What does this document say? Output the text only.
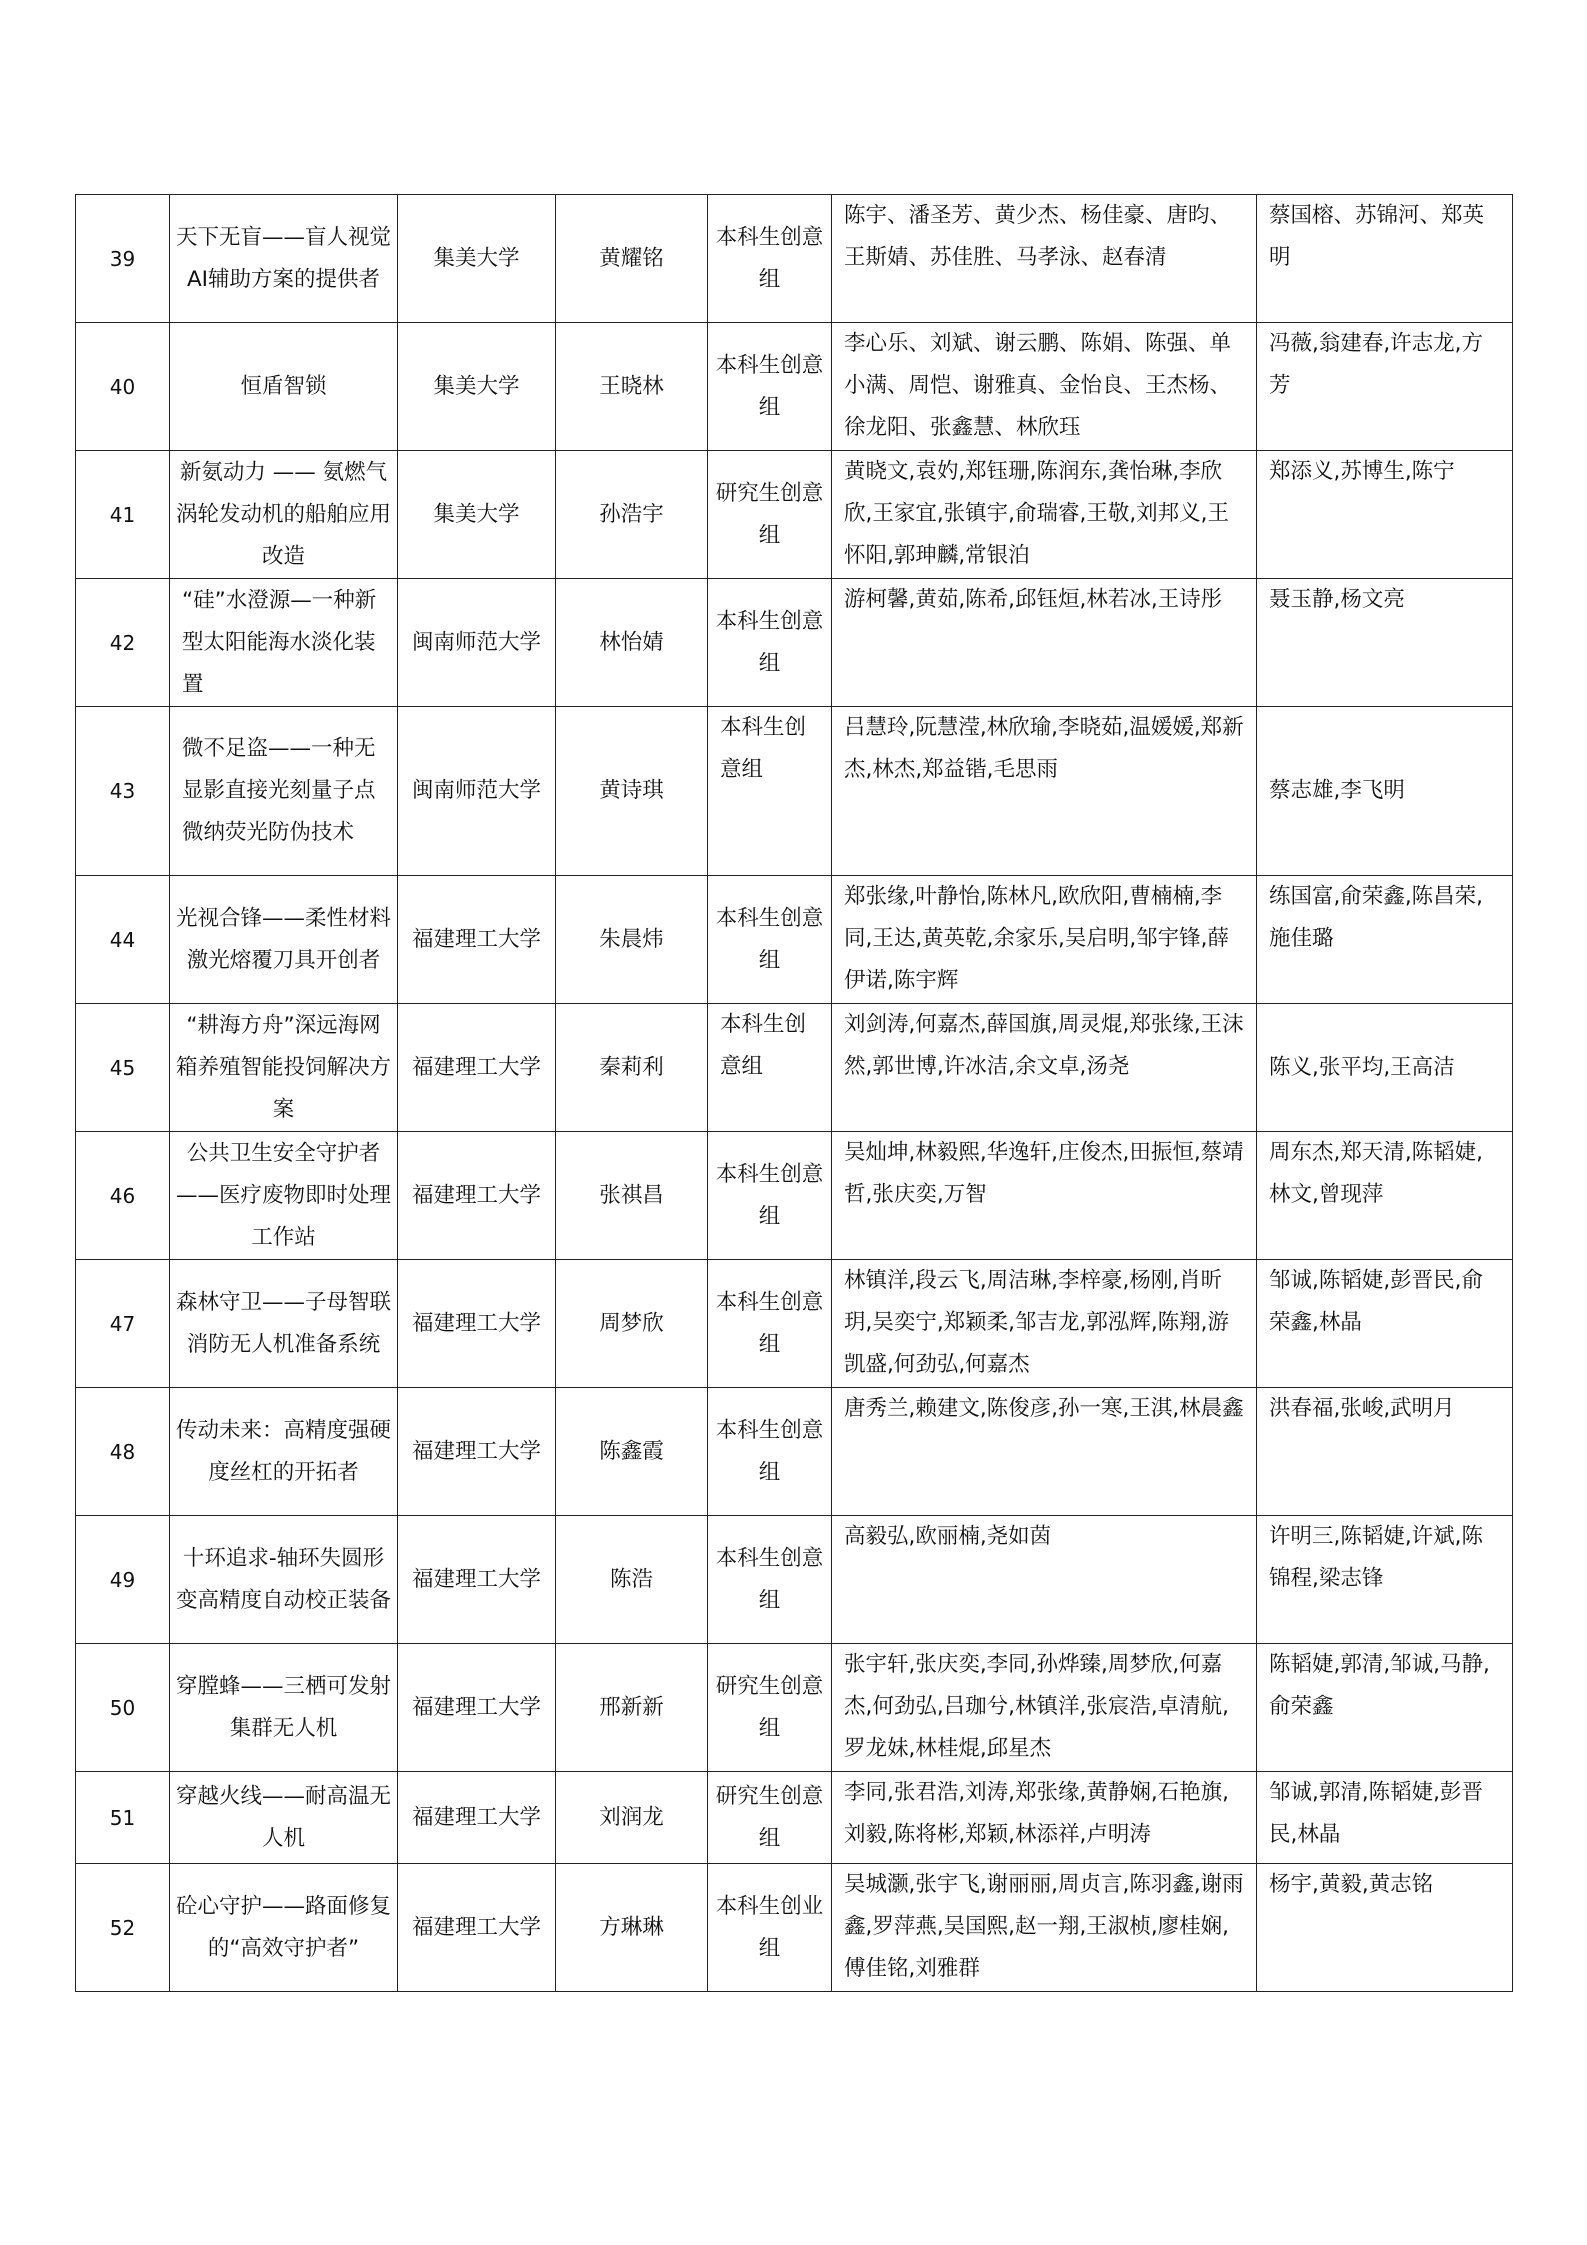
39	天下无盲——盲人视觉AI辅助方案的提供者	集美大学	黄耀铭	本科生创意组	陈宇、潘圣芳、黄少杰、杨佳豪、唐昀、王斯婧、苏佳胜、马孝泳、赵春清	蔡国榕、苏锦河、郑英明
40	恒盾智锁	集美大学	王晓林	本科生创意组	李心乐、刘斌、谢云鹏、陈娟、陈强、单小满、周恺、谢雅真、金怡良、王杰杨、徐龙阳、张鑫慧、林欣珏	冯薇,翁建春,许志龙,方芳
41	新氨动力 —— 氨燃气涡轮发动机的船舶应用改造	集美大学	孙浩宇	研究生创意组	黄晓文,袁妁,郑钰珊,陈润东,龚怡琳,李欣欣,王家宜,张镇宇,俞瑞睿,王敬,刘邦义,王怀阳,郭珅麟,常银泊	郑添义,苏博生,陈宁
42	“硅”水澄源—一种新型太阳能海水淡化装置	闽南师范大学	林怡婧	本科生创意组	游柯馨,黄茹,陈希,邱钰烜,林若冰,王诗彤	聂玉静,杨文亮
43	微不足盗——一种无显影直接光刻量子点微纳荧光防伪技术	闽南师范大学	黄诗琪	本科生创意组	吕慧玲,阮慧滢,林欣瑜,李晓茹,温媛媛,郑新杰,林杰,郑益锴,毛思雨	蔡志雄,李飞明
44	光视合锋——柔性材料激光熔覆刀具开创者	福建理工大学	朱晨炜	本科生创意组	郑张缘,叶静怡,陈林凡,欧欣阳,曹楠楠,李同,王达,黄英乾,余家乐,吴启明,邹宇锋,薛伊诺,陈宇辉	练国富,俞荣鑫,陈昌荣,施佳璐
45	“耕海方舟”深远海网箱养殖智能投饲解决方案	福建理工大学	秦莉利	本科生创意组	刘剑涛,何嘉杰,薛国旗,周灵焜,郑张缘,王沫然,郭世博,许冰洁,余文卓,汤尧	陈义,张平均,王高洁
46	公共卫生安全守护者——医疗废物即时处理工作站	福建理工大学	张祺昌	本科生创意组	吴灿坤,林毅熙,华逸轩,庄俊杰,田振恒,蔡靖哲,张庆奕,万智	周东杰,郑天清,陈韬婕,林文,曾现萍
47	森林守卫——子母智联消防无人机准备系统	福建理工大学	周梦欣	本科生创意组	林镇洋,段云飞,周洁琳,李梓豪,杨刚,肖昕玥,吴奕宁,郑颖柔,邹吉龙,郭泓辉,陈翔,游凯盛,何劲弘,何嘉杰	邹诚,陈韬婕,彭晋民,俞荣鑫,林晶
48	传动未来：高精度强硬度丝杠的开拓者	福建理工大学	陈鑫霞	本科生创意组	唐秀兰,赖建文,陈俊彦,孙一寒,王淇,林晨鑫	洪春福,张峻,武明月
49	十环追求-轴环失圆形变高精度自动校正装备	福建理工大学	陈浩	本科生创意组	高毅弘,欧丽楠,尧如茵	许明三,陈韬婕,许斌,陈锦程,梁志锋
50	穿膛蜂——三栖可发射集群无人机	福建理工大学	邢新新	研究生创意组	张宇轩,张庆奕,李同,孙烨臻,周梦欣,何嘉杰,何劲弘,吕珈兮,林镇洋,张宸浩,卓清航,罗龙妹,林桂焜,邱星杰	陈韬婕,郭清,邹诚,马静,俞荣鑫
51	穿越火线——耐高温无人机	福建理工大学	刘润龙	研究生创意组	李同,张君浩,刘涛,郑张缘,黄静娴,石艳旗,刘毅,陈将彬,郑颖,林添祥,卢明涛	邹诚,郭清,陈韬婕,彭晋民,林晶
52	砼心守护——路面修复的“高效守护者”	福建理工大学	方琳琳	本科生创业组	吴城灏,张宇飞,谢丽丽,周贞言,陈羽鑫,谢雨鑫,罗萍燕,吴国熙,赵一翔,王淑桢,廖桂娴,傅佳铭,刘雅群	杨宇,黄毅,黄志铭
